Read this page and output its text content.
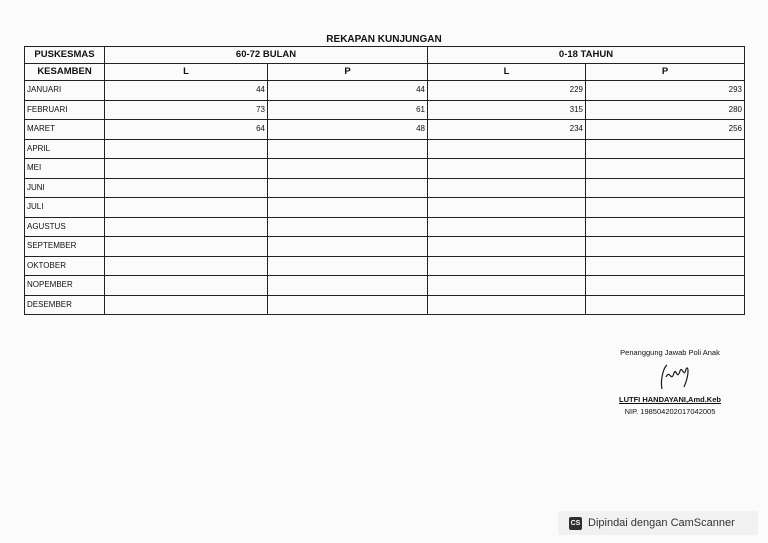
REKAPAN KUNJUNGAN
PUSKESMAS	60-72 BULAN		0-18 TAHUN	
KESAMBEN	L	P	L	P
JANUARI	44	44	229	293
FEBRUARI	73	61	315	280
MARET	64	48	234	256
APRIL				
MEI				
JUNI				
JULI				
AGUSTUS				
SEPTEMBER				
OKTOBER				
NOPEMBER				
DESEMBER				
Penanggung Jawab Poli Anak
LUTFI HANDAYANI,Amd.Keb
NIP. 198504202017042005
CS Dipindai dengan CamScanner
